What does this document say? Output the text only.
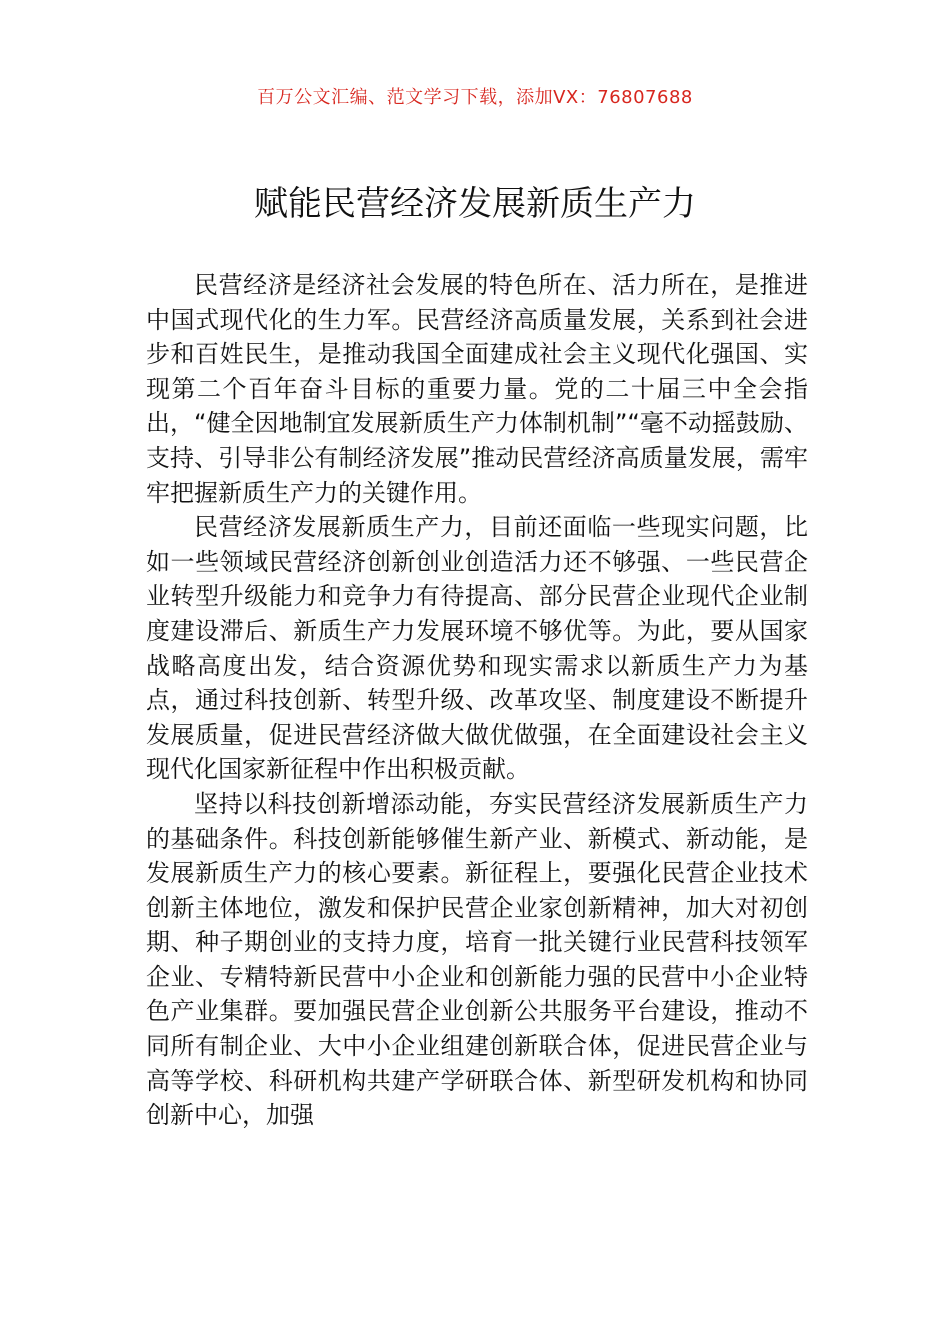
百万公文汇编、范文学习下载，添加VX：76807688
赋能民营经济发展新质生产力

民营经济是经济社会发展的特色所在、活力所在，是推进中国式现代化的生力军。民营经济高质量发展，关系到社会进步和百姓民生，是推动我国全面建成社会主义现代化强国、实现第二个百年奋斗目标的重要力量。党的二十届三中全会指出，“健全因地制宜发展新质生产力体制机制”“毫不动摇鼓励、支持、引导非公有制经济发展”推动民营经济高质量发展，需牢牢把握新质生产力的关键作用。

民营经济发展新质生产力，目前还面临一些现实问题，比如一些领域民营经济创新创业创造活力还不够强、一些民营企业转型升级能力和竞争力有待提高、部分民营企业现代企业制度建设滞后、新质生产力发展环境不够优等。为此，要从国家战略高度出发，结合资源优势和现实需求以新质生产力为基点，通过科技创新、转型升级、改革攻坚、制度建设不断提升发展质量，促进民营经济做大做优做强，在全面建设社会主义现代化国家新征程中作出积极贡献。

坚持以科技创新增添动能，夯实民营经济发展新质生产力的基础条件。科技创新能够催生新产业、新模式、新动能，是发展新质生产力的核心要素。新征程上，要强化民营企业技术创新主体地位，激发和保护民营企业家创新精神，加大对初创期、种子期创业的支持力度，培育一批关键行业民营科技领军企业、专精特新民营中小企业和创新能力强的民营中小企业特色产业集群。要加强民营企业创新公共服务平台建设，推动不同所有制企业、大中小企业组建创新联合体，促进民营企业与高等学校、科研机构共建产学研联合体、新型研发机构和协同创新中心，加强
